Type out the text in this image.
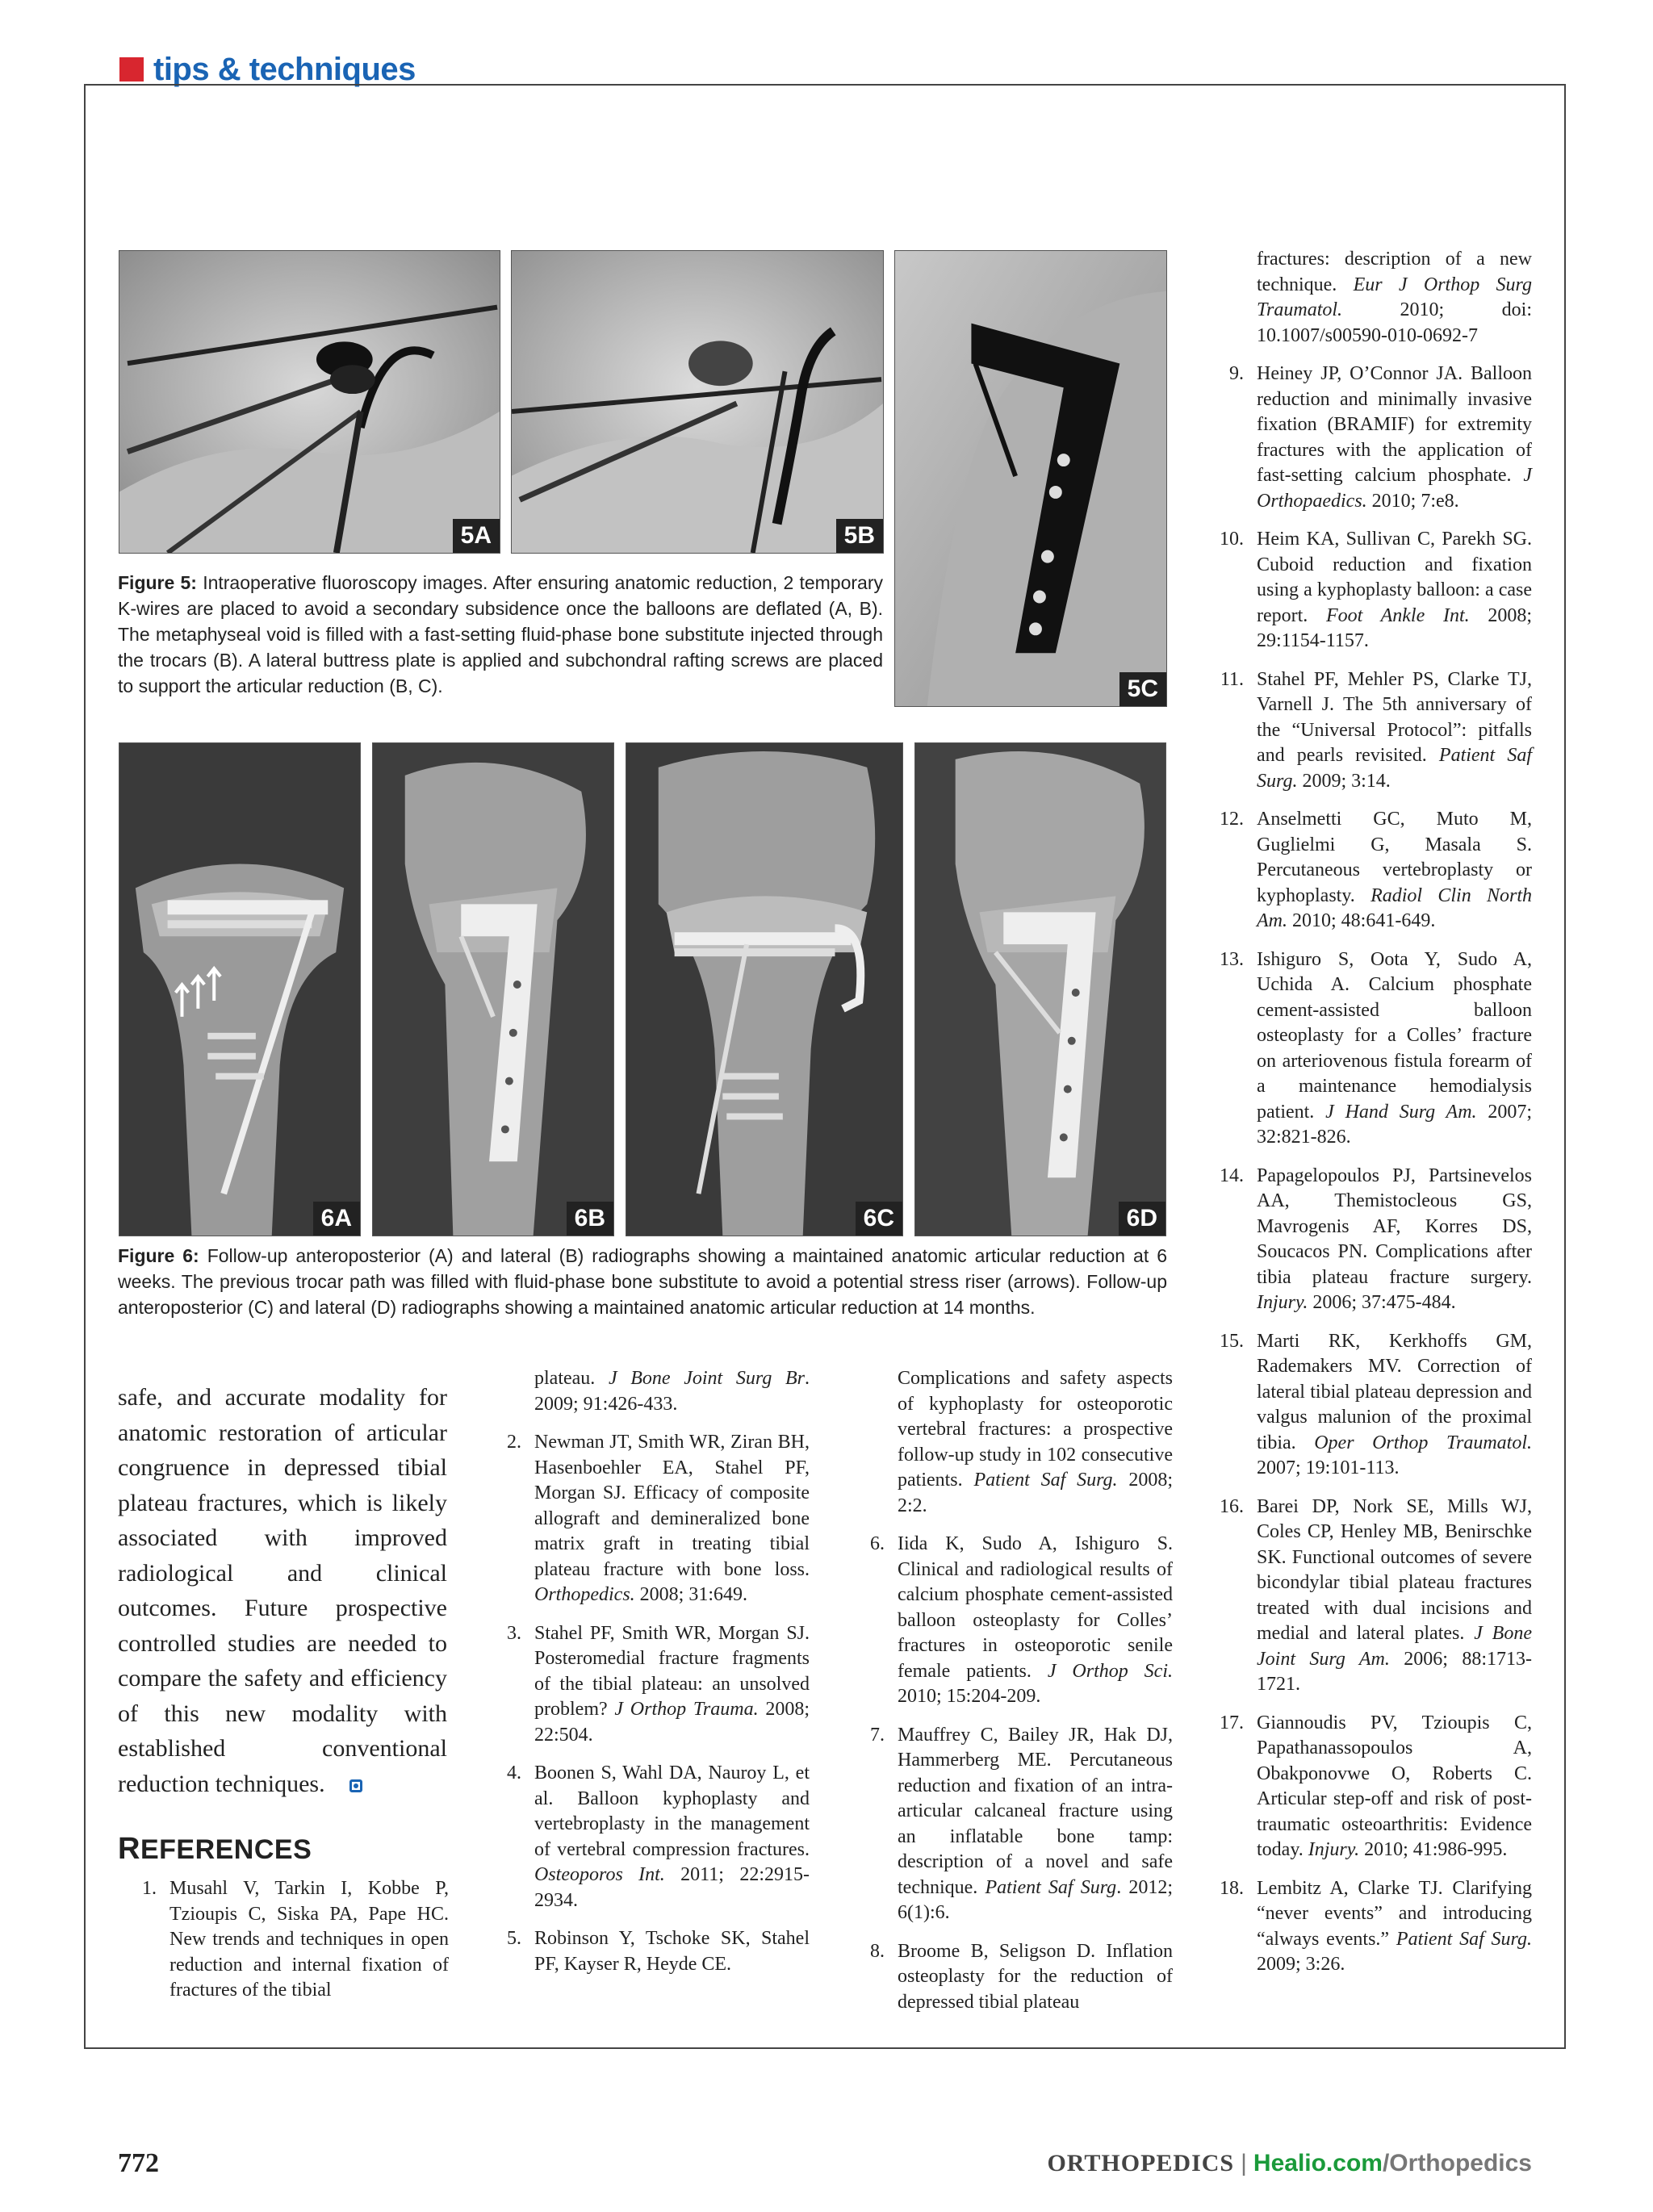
tips & techniques
5A	5B
5C
Figure 5: Intraoperative fluoroscopy images. After ensuring anatomic reduction, 2 temporary K-wires are placed to avoid a secondary subsidence once the balloons are deflated (A, B). The metaphyseal void is filled with a fast-setting fluid-phase bone substitute injected through the trocars (B). A lateral buttress plate is applied and subchondral rafting screws are placed to support the articular reduction (B, C).
6A	6B	6C	6D
Figure 6: Follow-up anteroposterior (A) and lateral (B) radiographs showing a maintained anatomic articular reduction at 6 weeks. The previous trocar path was filled with fluid-phase bone substitute to avoid a potential stress riser (arrows). Follow-up anteroposterior (C) and lateral (D) radiographs showing a maintained anatomic articular reduction at 14 months.
safe, and accurate modality for anatomic restoration of articular congruence in depressed tibial plateau fractures, which is likely associated with improved radiological and clinical outcomes. Future prospective controlled studies are needed to compare the safety and efficiency of this new modality with established conventional reduction techniques.
REFERENCES
1. Musahl V, Tarkin I, Kobbe P, Tzioupis C, Siska PA, Pape HC. New trends and techniques in open reduction and internal fixation of fractures of the tibial
plateau. J Bone Joint Surg Br. 2009; 91:426-433.
2. Newman JT, Smith WR, Ziran BH, Hasenboehler EA, Stahel PF, Morgan SJ. Efficacy of composite allograft and demineralized bone matrix graft in treating tibial plateau fracture with bone loss. Orthopedics. 2008; 31:649.
3. Stahel PF, Smith WR, Morgan SJ. Posteromedial fracture fragments of the tibial plateau: an unsolved problem? J Orthop Trauma. 2008; 22:504.
4. Boonen S, Wahl DA, Nauroy L, et al. Balloon kyphoplasty and vertebroplasty in the management of vertebral compression fractures. Osteoporos Int. 2011; 22:2915-2934.
5. Robinson Y, Tschoke SK, Stahel PF, Kayser R, Heyde CE.
Complications and safety aspects of kyphoplasty for osteoporotic vertebral fractures: a prospective follow-up study in 102 consecutive patients. Patient Saf Surg. 2008; 2:2.
6. Iida K, Sudo A, Ishiguro S. Clinical and radiological results of calcium phosphate cement-assisted balloon osteoplasty for Colles’ fractures in osteoporotic senile female patients. J Orthop Sci. 2010; 15:204-209.
7. Mauffrey C, Bailey JR, Hak DJ, Hammerberg ME. Percutaneous reduction and fixation of an intra-articular calcaneal fracture using an inflatable bone tamp: description of a novel and safe technique. Patient Saf Surg. 2012; 6(1):6.
8. Broome B, Seligson D. Inflation osteoplasty for the reduction of depressed tibial plateau
fractures: description of a new technique. Eur J Orthop Surg Traumatol. 2010; doi: 10.1007/s00590-010-0692-7
9. Heiney JP, O’Connor JA. Balloon reduction and minimally invasive fixation (BRAMIF) for extremity fractures with the application of fast-setting calcium phosphate. J Orthopaedics. 2010; 7:e8.
10. Heim KA, Sullivan C, Parekh SG. Cuboid reduction and fixation using a kyphoplasty balloon: a case report. Foot Ankle Int. 2008; 29:1154-1157.
11. Stahel PF, Mehler PS, Clarke TJ, Varnell J. The 5th anniversary of the “Universal Protocol”: pitfalls and pearls revisited. Patient Saf Surg. 2009; 3:14.
12. Anselmetti GC, Muto M, Guglielmi G, Masala S. Percutaneous vertebroplasty or kyphoplasty. Radiol Clin North Am. 2010; 48:641-649.
13. Ishiguro S, Oota Y, Sudo A, Uchida A. Calcium phosphate cement-assisted balloon osteoplasty for a Colles’ fracture on arteriovenous fistula forearm of a maintenance hemodialysis patient. J Hand Surg Am. 2007; 32:821-826.
14. Papagelopoulos PJ, Partsinevelos AA, Themistocleous GS, Mavrogenis AF, Korres DS, Soucacos PN. Complications after tibia plateau fracture surgery. Injury. 2006; 37:475-484.
15. Marti RK, Kerkhoffs GM, Rademakers MV. Correction of lateral tibial plateau depression and valgus malunion of the proximal tibia. Oper Orthop Traumatol. 2007; 19:101-113.
16. Barei DP, Nork SE, Mills WJ, Coles CP, Henley MB, Benirschke SK. Functional outcomes of severe bicondylar tibial plateau fractures treated with dual incisions and medial and lateral plates. J Bone Joint Surg Am. 2006; 88:1713-1721.
17. Giannoudis PV, Tzioupis C, Papathanassopoulos A, Obakponovwe O, Roberts C. Articular step-off and risk of post-traumatic osteoarthritis: Evidence today. Injury. 2010; 41:986-995.
18. Lembitz A, Clarke TJ. Clarifying “never events” and introducing “always events.” Patient Saf Surg. 2009; 3:26.
772	ORTHOPEDICS | Healio.com/Orthopedics
